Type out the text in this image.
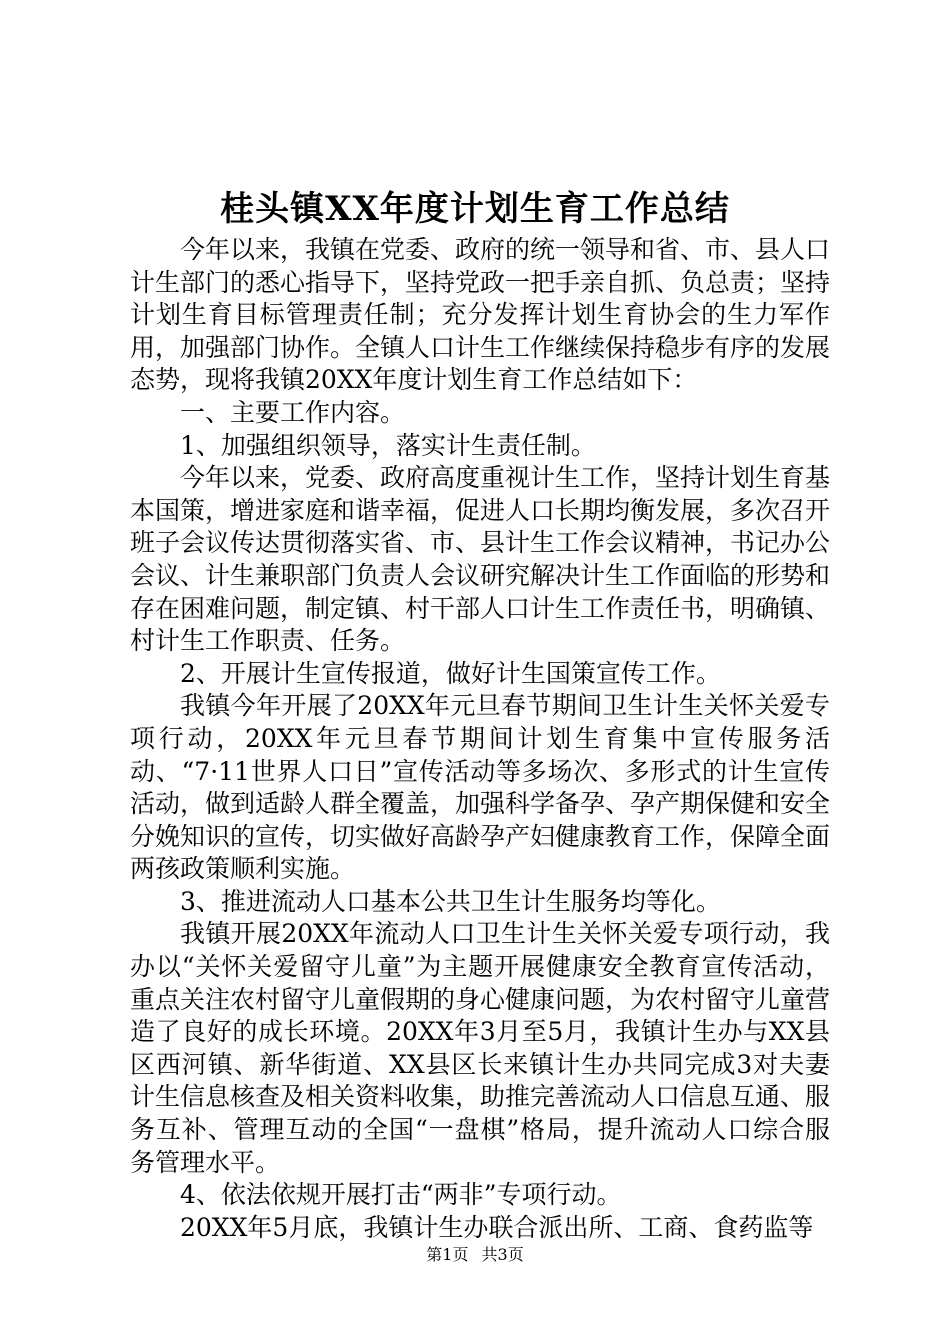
桂头镇XX年度计划生育工作总结

今年以来，我镇在党委、政府的统一领导和省、市、县人口计生部门的悉心指导下，坚持党政一把手亲自抓、负总责；坚持计划生育目标管理责任制；充分发挥计划生育协会的生力军作用，加强部门协作。全镇人口计生工作继续保持稳步有序的发展态势，现将我镇20XX年度计划生育工作总结如下：

一、主要工作内容。

1、加强组织领导，落实计生责任制。

今年以来，党委、政府高度重视计生工作，坚持计划生育基本国策，增进家庭和谐幸福，促进人口长期均衡发展，多次召开班子会议传达贯彻落实省、市、县计生工作会议精神，书记办公会议、计生兼职部门负责人会议研究解决计生工作面临的形势和存在困难问题，制定镇、村干部人口计生工作责任书，明确镇、村计生工作职责、任务。

2、开展计生宣传报道，做好计生国策宣传工作。

我镇今年开展了20XX年元旦春节期间卫生计生关怀关爱专项行动，20XX年元旦春节期间计划生育集中宣传服务活动、“7·11世界人口日”宣传活动等多场次、多形式的计生宣传活动，做到适龄人群全覆盖，加强科学备孕、孕产期保健和安全分娩知识的宣传，切实做好高龄孕产妇健康教育工作，保障全面两孩政策顺利实施。

3、推进流动人口基本公共卫生计生服务均等化。

我镇开展20XX年流动人口卫生计生关怀关爱专项行动，我办以“关怀关爱留守儿童”为主题开展健康安全教育宣传活动，重点关注农村留守儿童假期的身心健康问题，为农村留守儿童营造了良好的成长环境。20XX年3月至5月，我镇计生办与XX县区西河镇、新华街道、XX县区长来镇计生办共同完成3对夫妻计生信息核查及相关资料收集，助推完善流动人口信息互通、服务互补、管理互动的全国“一盘棋”格局，提升流动人口综合服务管理水平。

4、依法依规开展打击“两非”专项行动。

20XX年5月底，我镇计生办联合派出所、工商、食药监等

第1页 共3页
